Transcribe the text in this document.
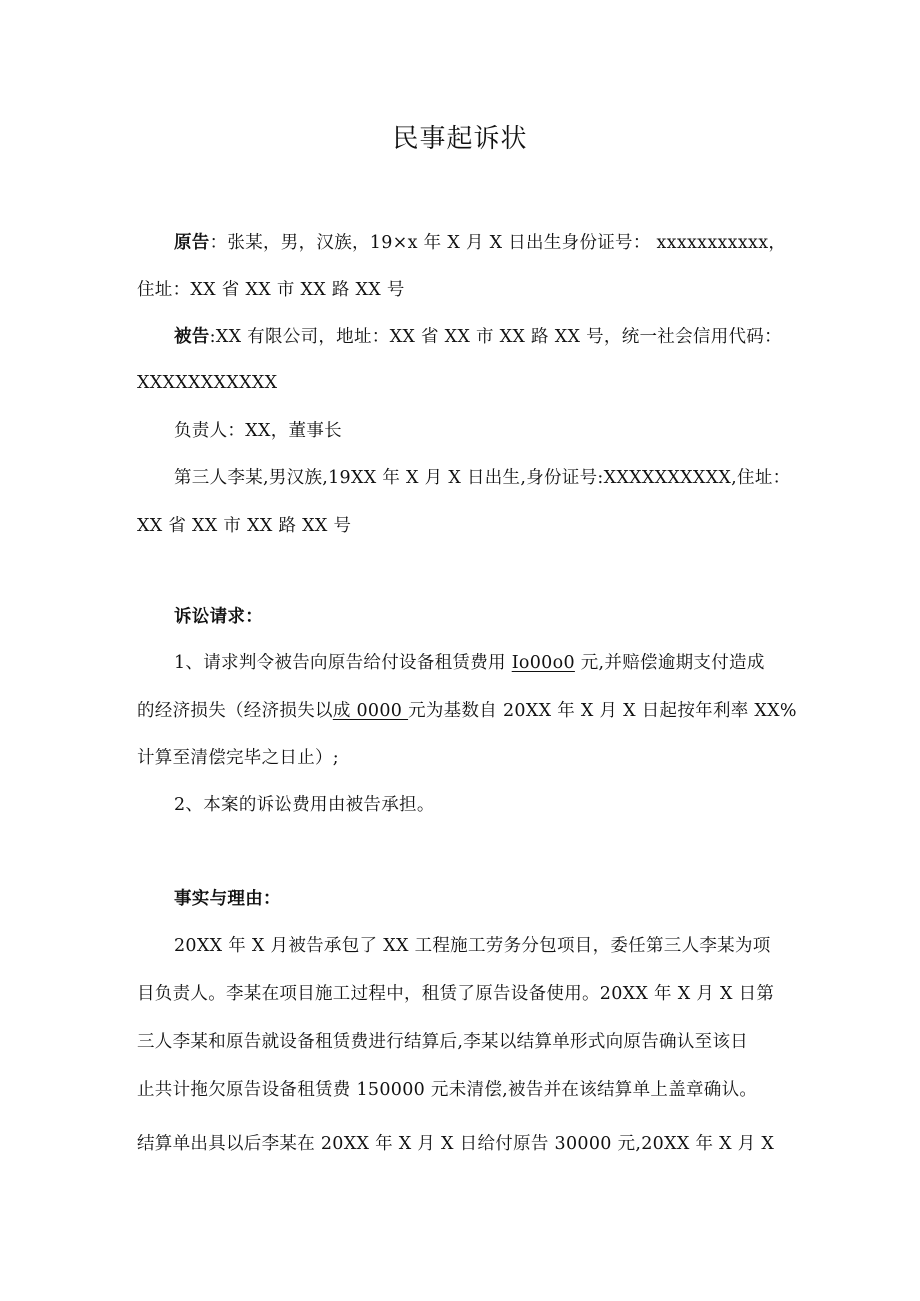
民事起诉状
原告：张某，男，汉族，19×x 年 X 月 X 日出生身份证号： xxxxxxxxxxx，
住址：XX 省 XX 市 XX 路 XX 号
被告:XX 有限公司，地址：XX 省 XX 市 XX 路 XX 号，统一社会信用代码：
XXXXXXXXXXX
负责人：XX，董事长
第三人李某,男汉族,19XX 年 X 月 X 日出生,身份证号:XXXXXXXXXX,住址：
XX 省 XX 市 XX 路 XX 号
诉讼请求：
1、请求判令被告向原告给付设备租赁费用 Io00o0 元,并赔偿逾期支付造成
的经济损失（经济损失以成 0000 元为基数自 20XX 年 X 月 X 日起按年利率 XX%
计算至清偿完毕之日止）;
2、本案的诉讼费用由被告承担。
事实与理由：
20XX 年 X 月被告承包了 XX 工程施工劳务分包项目，委任第三人李某为项
目负责人。李某在项目施工过程中，租赁了原告设备使用。20XX 年 X 月 X 日第
三人李某和原告就设备租赁费进行结算后,李某以结算单形式向原告确认至该日
止共计拖欠原告设备租赁费 150000 元未清偿,被告并在该结算单上盖章确认。
结算单出具以后李某在 20XX 年 X 月 X 日给付原告 30000 元,20XX 年 X 月 X
